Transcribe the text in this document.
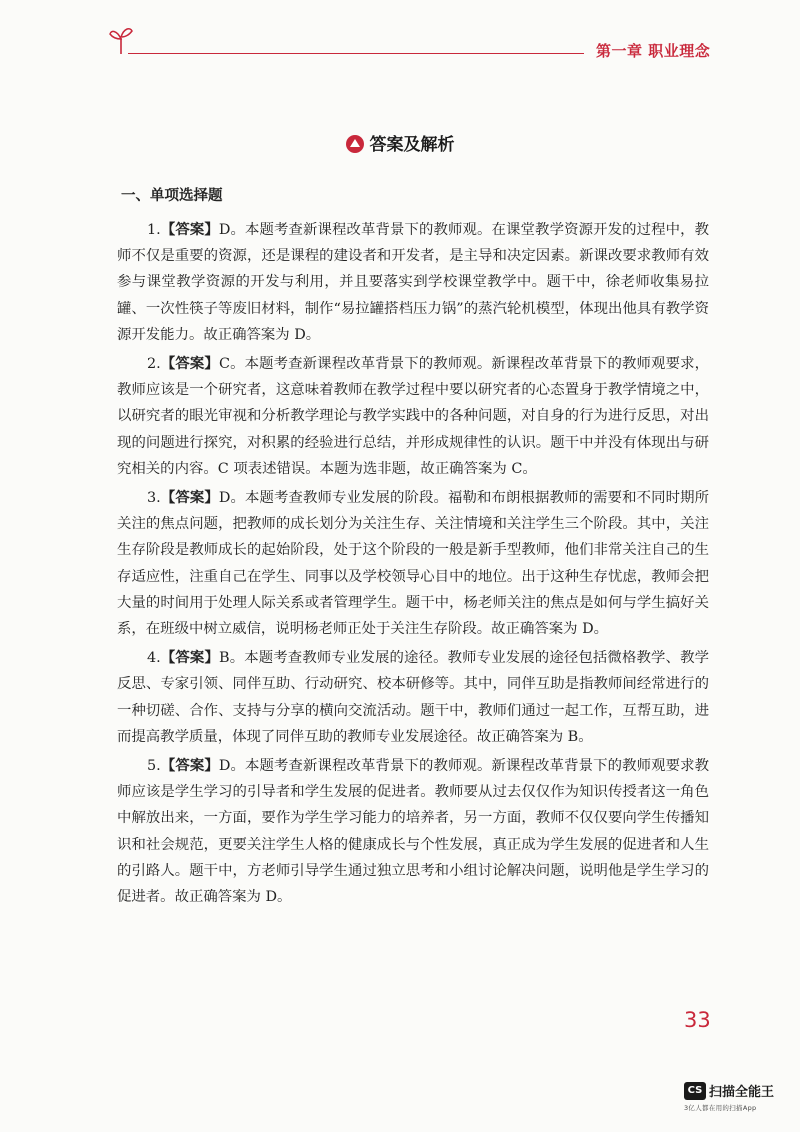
第一章 职业理念
答案及解析
一、单项选择题

1.【答案】D。本题考查新课程改革背景下的教师观。在课堂教学资源开发的过程中，教师不仅是重要的资源，还是课程的建设者和开发者，是主导和决定因素。新课改要求教师有效参与课堂教学资源的开发与利用，并且要落实到学校课堂教学中。题干中，徐老师收集易拉罐、一次性筷子等废旧材料，制作“易拉罐搭档压力锅”的蒸汽轮机模型，体现出他具有教学资源开发能力。故正确答案为 D。

2.【答案】C。本题考查新课程改革背景下的教师观。新课程改革背景下的教师观要求，教师应该是一个研究者，这意味着教师在教学过程中要以研究者的心态置身于教学情境之中，以研究者的眼光审视和分析教学理论与教学实践中的各种问题，对自身的行为进行反思，对出现的问题进行探究，对积累的经验进行总结，并形成规律性的认识。题干中并没有体现出与研究相关的内容。C 项表述错误。本题为选非题，故正确答案为 C。

3.【答案】D。本题考查教师专业发展的阶段。福勒和布朗根据教师的需要和不同时期所关注的焦点问题，把教师的成长划分为关注生存、关注情境和关注学生三个阶段。其中，关注生存阶段是教师成长的起始阶段，处于这个阶段的一般是新手型教师，他们非常关注自己的生存适应性，注重自己在学生、同事以及学校领导心目中的地位。出于这种生存忧虑，教师会把大量的时间用于处理人际关系或者管理学生。题干中，杨老师关注的焦点是如何与学生搞好关系，在班级中树立威信，说明杨老师正处于关注生存阶段。故正确答案为 D。

4.【答案】B。本题考查教师专业发展的途径。教师专业发展的途径包括微格教学、教学反思、专家引领、同伴互助、行动研究、校本研修等。其中，同伴互助是指教师间经常进行的一种切磋、合作、支持与分享的横向交流活动。题干中，教师们通过一起工作，互帮互助，进而提高教学质量，体现了同伴互助的教师专业发展途径。故正确答案为 B。

5.【答案】D。本题考查新课程改革背景下的教师观。新课程改革背景下的教师观要求教师应该是学生学习的引导者和学生发展的促进者。教师要从过去仅仅作为知识传授者这一角色中解放出来，一方面，要作为学生学习能力的培养者，另一方面，教师不仅仅要向学生传播知识和社会规范，更要关注学生人格的健康成长与个性发展，真正成为学生发展的促进者和人生的引路人。题干中，方老师引导学生通过独立思考和小组讨论解决问题，说明他是学生学习的促进者。故正确答案为 D。

33
CS 扫描全能王
3亿人都在用的扫描App
